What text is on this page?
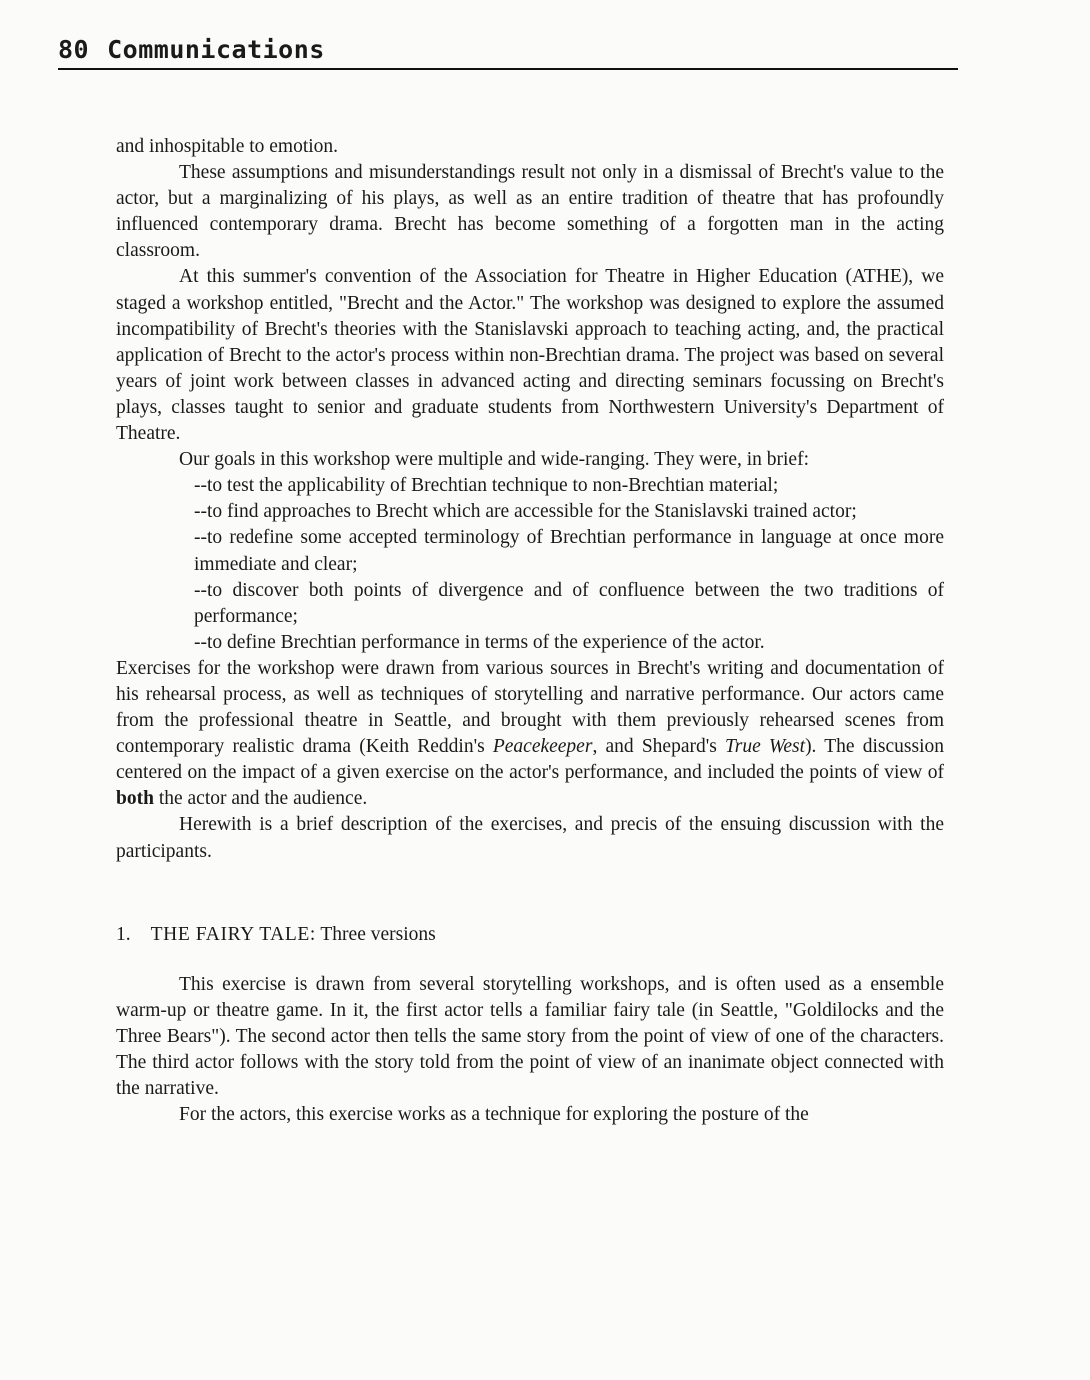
80 Communications

and inhospitable to emotion.

These assumptions and misunderstandings result not only in a dismissal of Brecht's value to the actor, but a marginalizing of his plays, as well as an entire tradition of theatre that has profoundly influenced contemporary drama. Brecht has become something of a forgotten man in the acting classroom.

At this summer's convention of the Association for Theatre in Higher Education (ATHE), we staged a workshop entitled, "Brecht and the Actor." The workshop was designed to explore the assumed incompatibility of Brecht's theories with the Stanislavski approach to teaching acting, and, the practical application of Brecht to the actor's process within non-Brechtian drama. The project was based on several years of joint work between classes in advanced acting and directing seminars focussing on Brecht's plays, classes taught to senior and graduate students from Northwestern University's Department of Theatre.

Our goals in this workshop were multiple and wide-ranging. They were, in brief:

--to test the applicability of Brechtian technique to non-Brechtian material;
--to find approaches to Brecht which are accessible for the Stanislavski trained actor;
--to redefine some accepted terminology of Brechtian performance in language at once more immediate and clear;
--to discover both points of divergence and of confluence between the two traditions of performance;
--to define Brechtian performance in terms of the experience of the actor.

Exercises for the workshop were drawn from various sources in Brecht's writing and documentation of his rehearsal process, as well as techniques of storytelling and narrative performance. Our actors came from the professional theatre in Seattle, and brought with them previously rehearsed scenes from contemporary realistic drama (Keith Reddin's Peacekeeper, and Shepard's True West). The discussion centered on the impact of a given exercise on the actor's performance, and included the points of view of both the actor and the audience.

Herewith is a brief description of the exercises, and precis of the ensuing discussion with the participants.

1. THE FAIRY TALE: Three versions

This exercise is drawn from several storytelling workshops, and is often used as a ensemble warm-up or theatre game. In it, the first actor tells a familiar fairy tale (in Seattle, "Goldilocks and the Three Bears"). The second actor then tells the same story from the point of view of one of the characters. The third actor follows with the story told from the point of view of an inanimate object connected with the narrative.

For the actors, this exercise works as a technique for exploring the posture of the
